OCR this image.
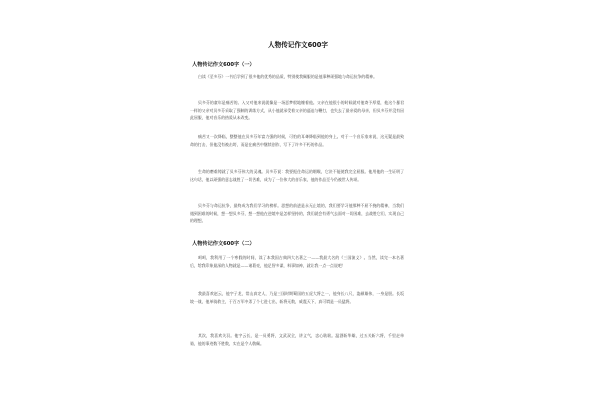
人物传记作文600字
人物传记作文600字（一）

白读《至多芬》一书后学到了很多他的优秀的品质，特别使我佩服的是他事种顽强地与命运抗争的精神。

贝多芬的童年是痛苦的。入父对他来说就像是一场恶梦般地缠着他。父亲在他很小的时候就对他寄予厚望，他这个暴君一样的父亲对贝多芬采取了强制的训练方式，从小他就承受着父亲的逼迫与鞭打，也失去了最亲爱的母亲，但贝多芬并没有因此屈服，他对音乐的热爱从未改变。

痛苦又一次降临，整整他在贝多芬年富力强的时候，可怕的耳聋降临到他的身上。对于一个音乐家来说，这无疑是最致命的打击，但他没有被击垮，而是在痛苦中继续创作，写下了许多不朽的作品。

生命的磨难铸就了贝多芬伟大的灵魂。贝多芬说：我要扼住命运的咽喉，它决不能使我完全屈服。他用他的一生证明了这句话，他以顽强的意志战胜了一切苦难，成为了一位伟大的音乐家，他的作品至今仍被世人传颂。

贝多芬与命运抗争，最终成为我们学习的榜样。思想的前进是永无止境的，我们要学习他那种不屈不挠的精神，当我们遇到困难的时候，想一想贝多芬，想一想他在逆境中是怎样坚持的，我们就会有勇气去面对一切困难，去战胜它们，实现自己的理想。

人物传记作文600字（二）

呵呵，我利用了一个寒假的时间，读了本我国古典四大名著之一——我最大名的《三国演义》。当然，读完一本名著后，给我印象最深的人物就是——诸葛亮，他足智多谋，料事如神，就让我一点一点说吧！

我最喜欢赵云，他字子龙，常山真定人，乃是三国时期蜀国的五虎大将之一，他身长八尺，姿颜雄伟，一身是胆。长坂坡一战，他单骑救主，于百万军中杀了个七进七出，斩将无数，威震天下，真可谓是一员猛将。

其次，我喜欢关羽。他字云长，是一员勇将，文武双全，讲义气，忠心耿耿。温酒斩华雄，过五关斩六将，千里走单骑，他的事迹数不胜数，实在是令人敬佩。
